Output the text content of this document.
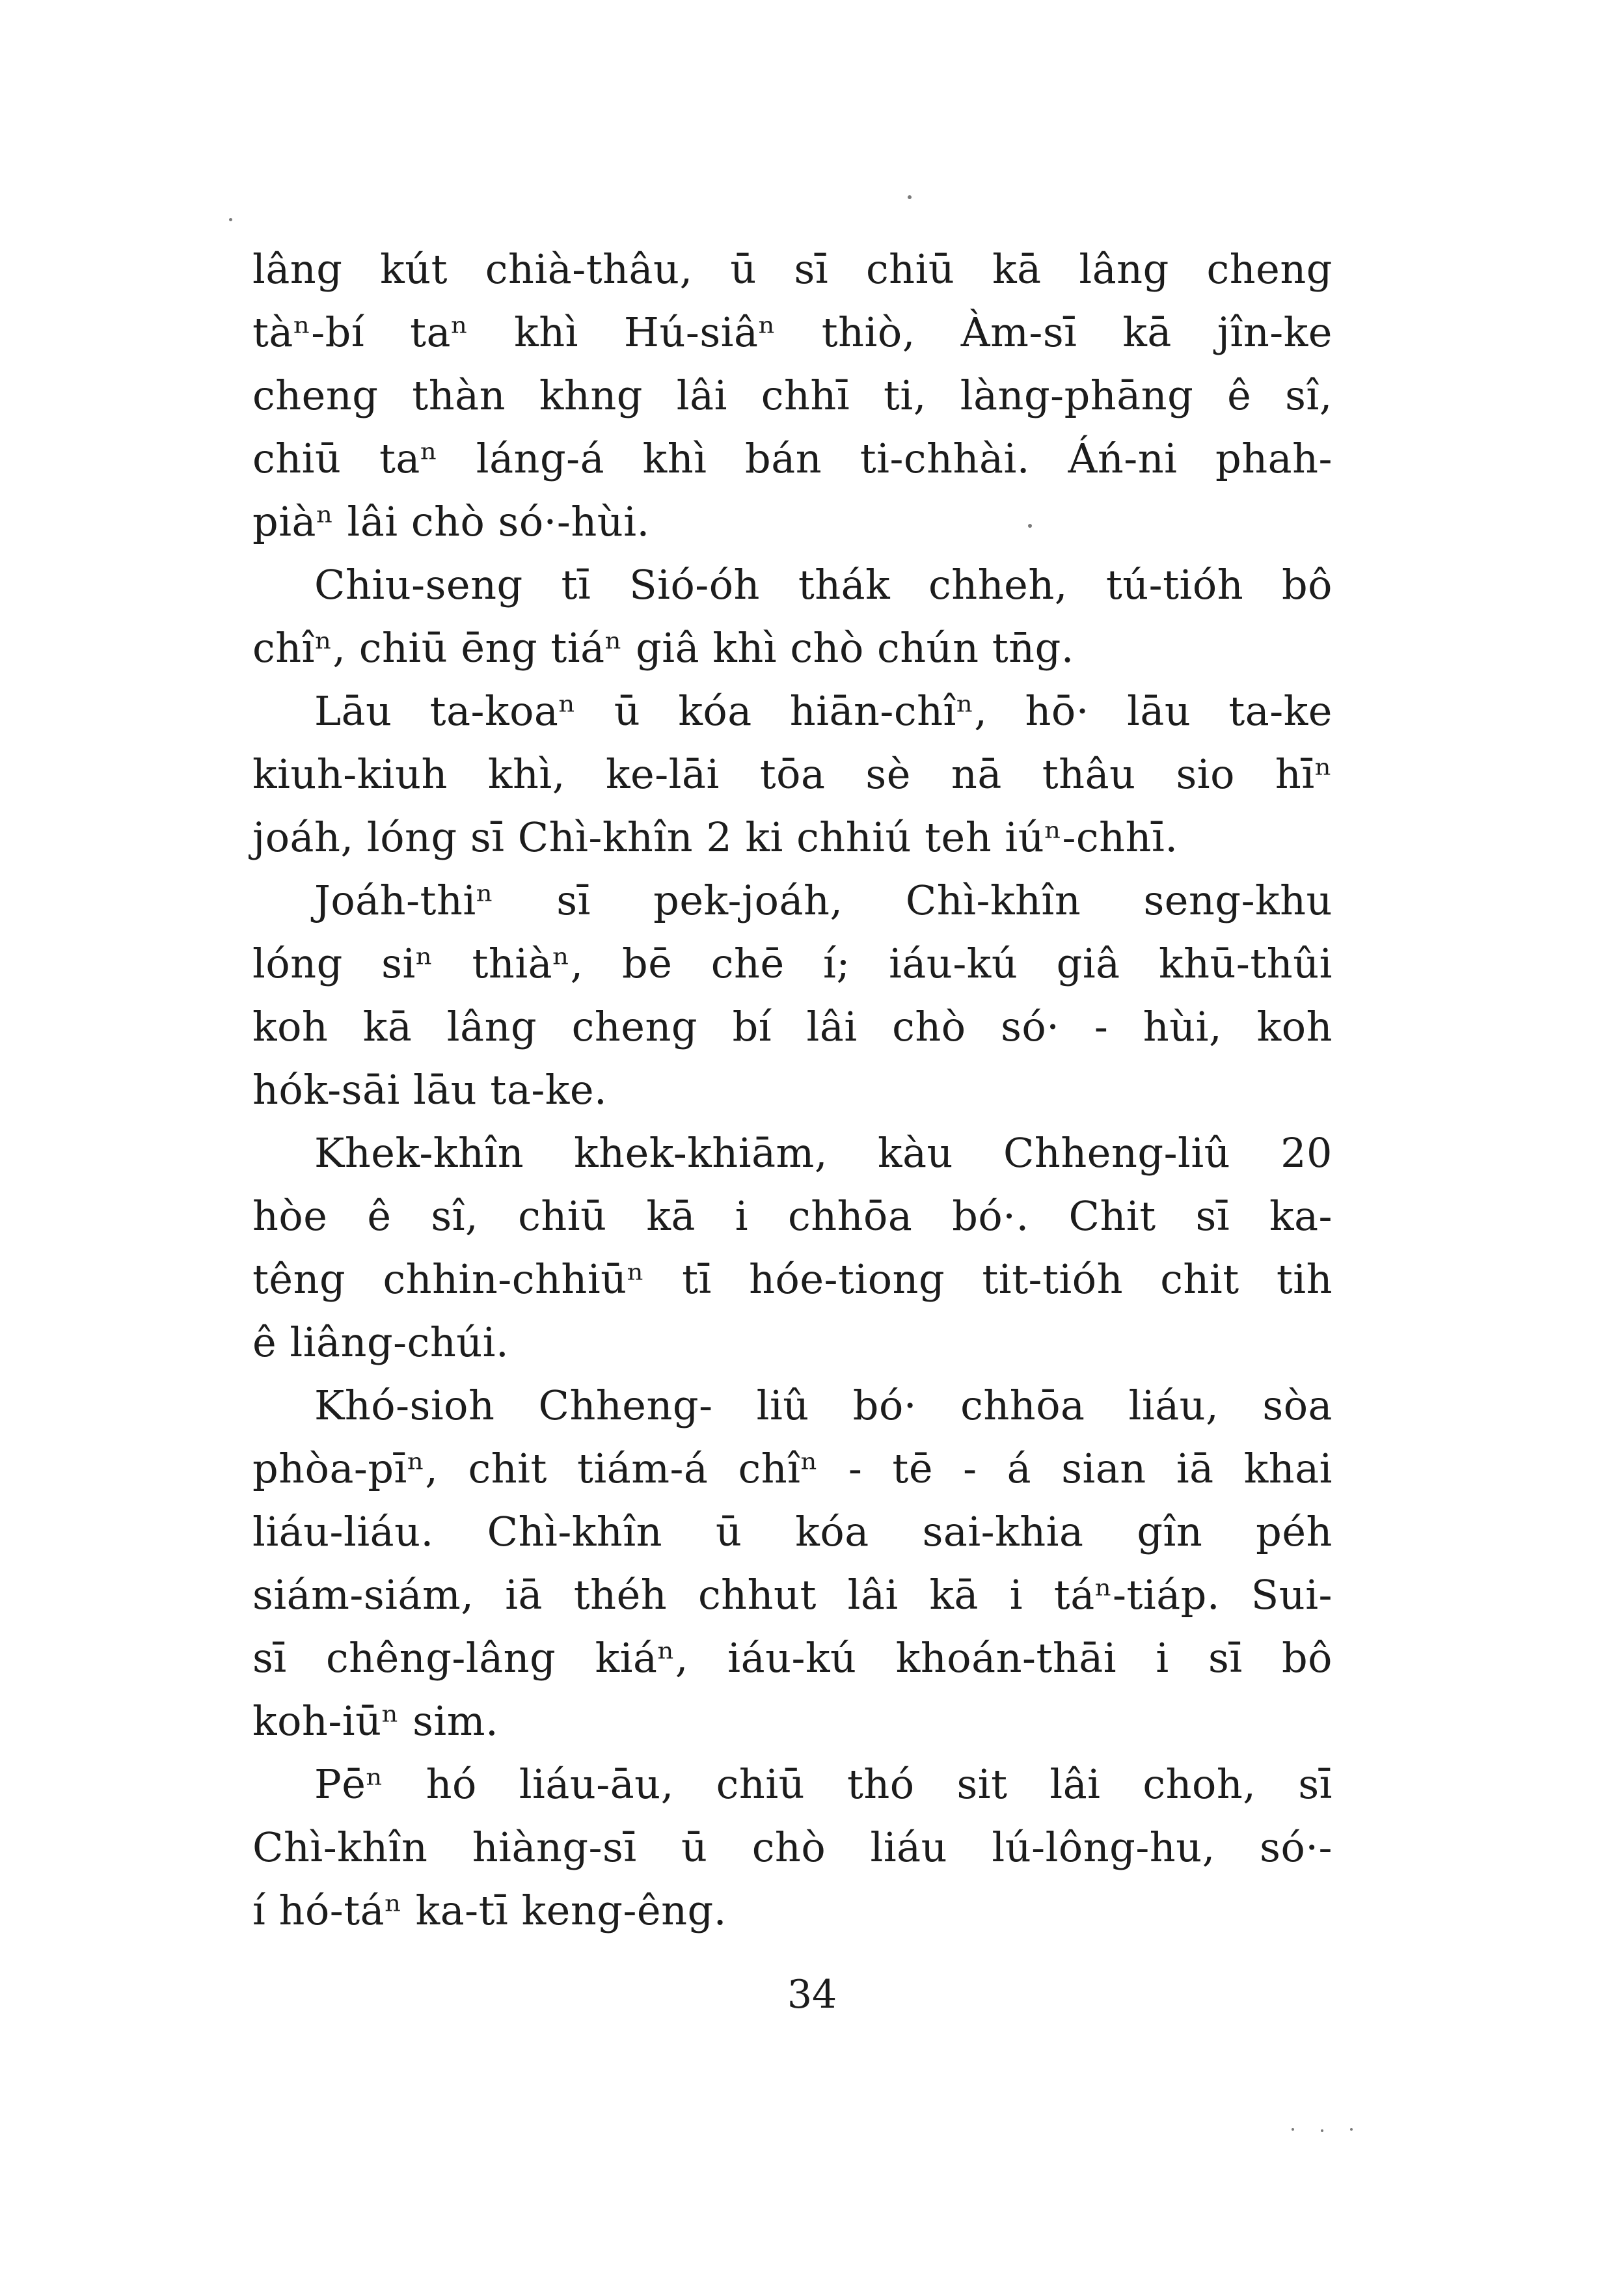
lâng kút chià-thâu, ū sī chiū kā lâng cheng
tàⁿ-bí taⁿ khì Hú-siâⁿ thiò, Àm-sī kā jîn-ke
cheng thàn khng lâi chhī ti, làng-phāng ê sî,
chiū taⁿ láng-á khì bán ti-chhài. Áń-ni phah-
piàⁿ lâi chò só·-hùi.
Chiu-seng tī Sió-óh thák chheh, tú-tióh bô
chîⁿ, chiū ēng tiáⁿ giâ khì chò chún tn̄g.
Lāu ta-koaⁿ ū kóa hiān-chîⁿ, hō· lāu ta-ke
kiuh-kiuh khì, ke-lāi tōa sè nā thâu sio hīⁿ
joáh, lóng sī Chì-khîn 2 ki chhiú teh iúⁿ-chhī.
Joáh-thiⁿ sī pek-joáh, Chì-khîn seng-khu
lóng siⁿ thiàⁿ, bē chē í; iáu-kú giâ khū-thûi
koh kā lâng cheng bí lâi chò só· - hùi, koh
hók-sāi lāu ta-ke.
Khek-khîn khek-khiām, kàu Chheng-liû 20
hòe ê sî, chiū kā i chhōa bó·. Chit sī ka-
têng chhin-chhiūⁿ tī hóe-tiong tit-tióh chit tih
ê liâng-chúi.
Khó-sioh Chheng- liû bó· chhōa liáu, sòa
phòa-pīⁿ, chit tiám-á chîⁿ - tē - á sian iā khai
liáu-liáu. Chì-khîn ū kóa sai-khia gîn péh
siám-siám, iā théh chhut lâi kā i táⁿ-tiáp. Sui-
sī chêng-lâng kiáⁿ, iáu-kú khoán-thāi i sī bô
koh-iūⁿ sim.
Pēⁿ hó liáu-āu, chiū thó sit lâi choh, sī
Chì-khîn hiàng-sī ū chò liáu lú-lông-hu, só·-
í hó-táⁿ ka-tī keng-êng.
34
